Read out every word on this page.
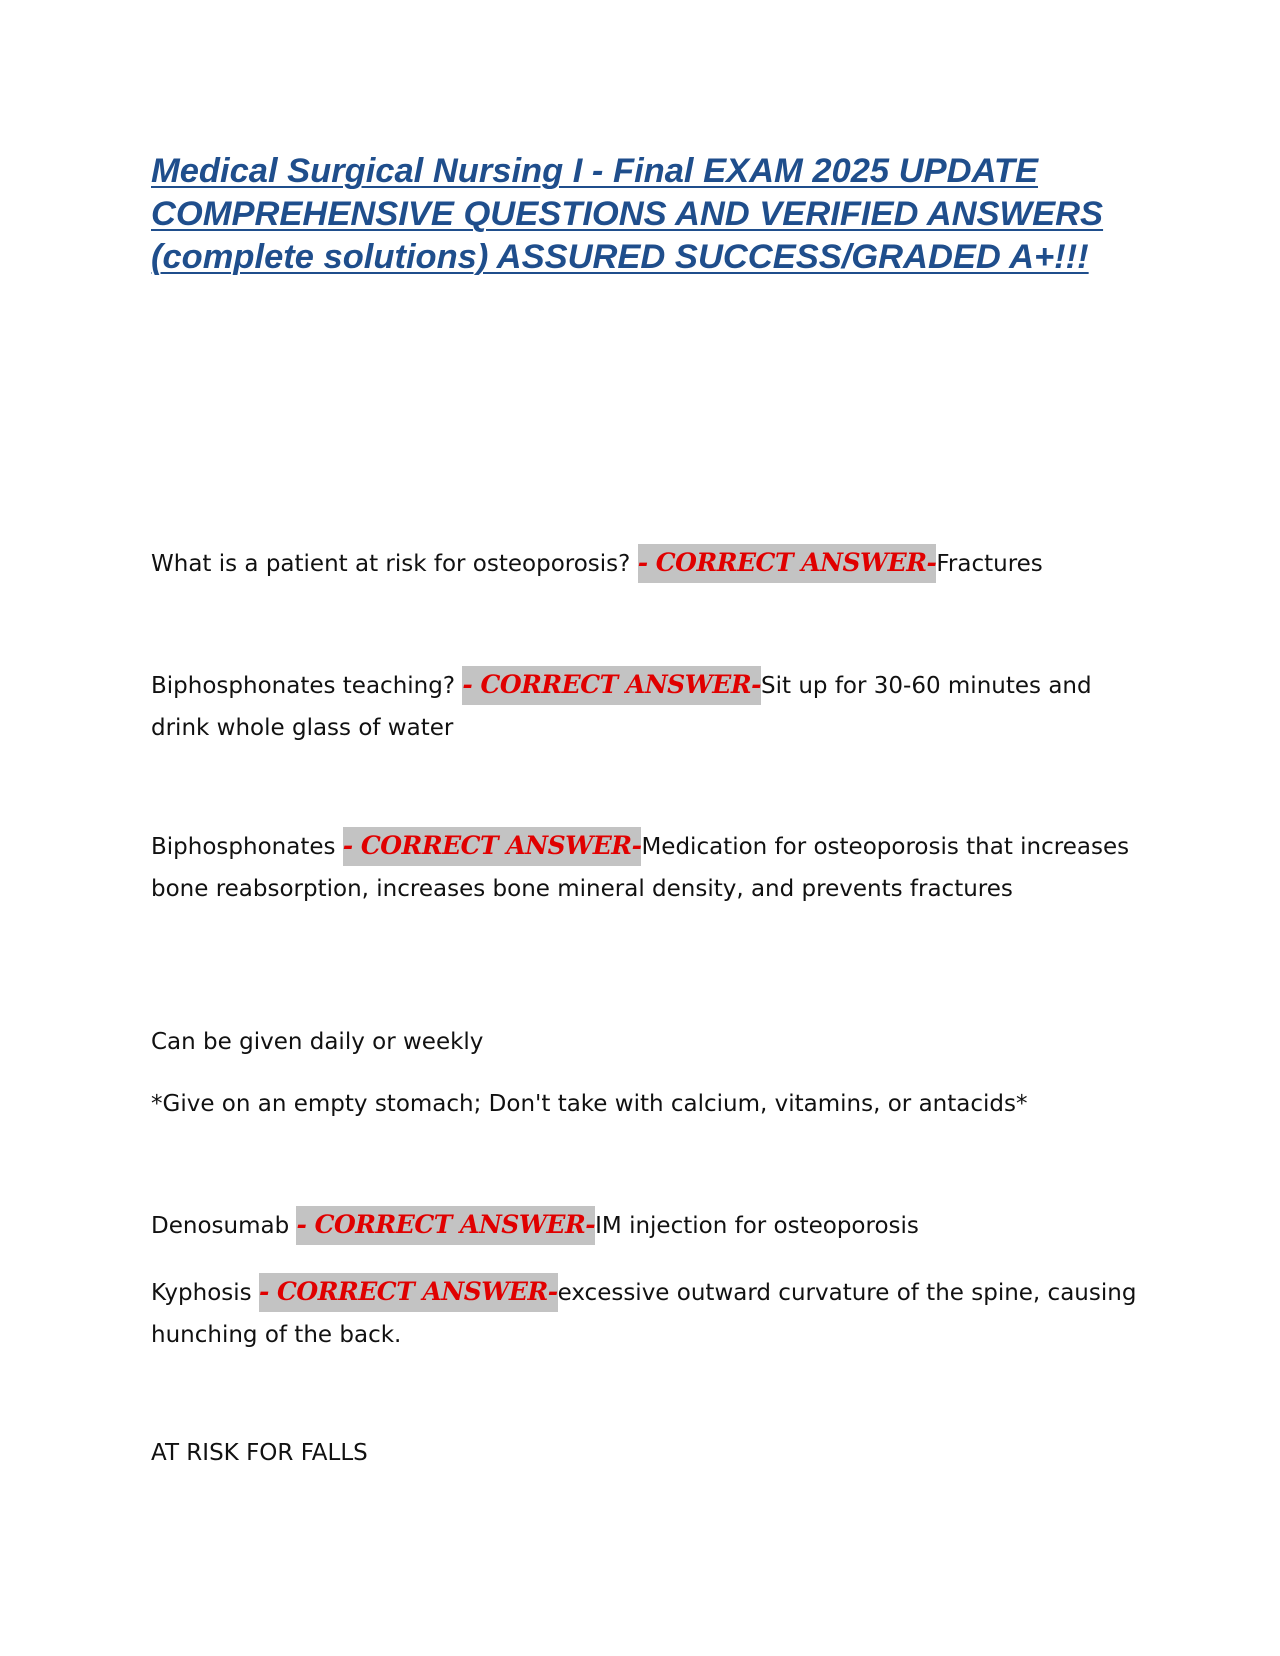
Medical Surgical Nursing I - Final EXAM 2025 UPDATE COMPREHENSIVE QUESTIONS AND VERIFIED ANSWERS (complete solutions) ASSURED SUCCESS/GRADED A+!!!

What is a patient at risk for osteoporosis? - CORRECT ANSWER-Fractures

Biphosphonates teaching? - CORRECT ANSWER-Sit up for 30-60 minutes and drink whole glass of water

Biphosphonates - CORRECT ANSWER-Medication for osteoporosis that increases bone reabsorption, increases bone mineral density, and prevents fractures

Can be given daily or weekly

*Give on an empty stomach; Don't take with calcium, vitamins, or antacids*

Denosumab - CORRECT ANSWER-IM injection for osteoporosis

Kyphosis - CORRECT ANSWER-excessive outward curvature of the spine, causing hunching of the back.

AT RISK FOR FALLS
